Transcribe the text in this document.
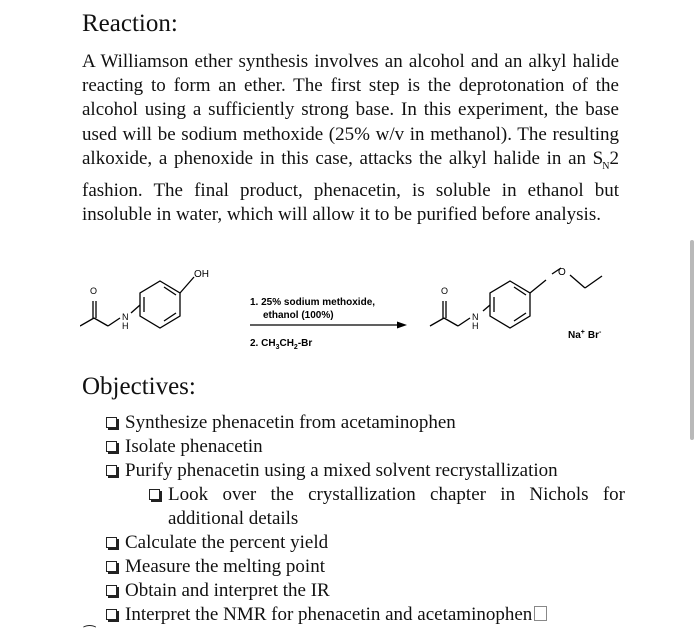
Reaction:
A Williamson ether synthesis involves an alcohol and an alkyl halide reacting to form an ether. The first step is the deprotonation of the alcohol using a sufficiently strong base. In this experiment, the base used will be sodium methoxide (25% w/v in methanol). The resulting alkoxide, a phenoxide in this case, attacks the alkyl halide in an $S_N2$ fashion. The final product, phenacetin, is soluble in ethanol but insoluble in water, which will allow it to be purified before analysis.
O
N
H
OH
1. 25% sodium methoxide,
ethanol (100%)
2. $CH_3CH_2-Br$
O
N
H
O
Na+ Br-
Objectives:
Synthesize phenacetin from acetaminophen
Isolate phenacetin
Purify phenacetin using a mixed solvent recrystallization
Look over the crystallization chapter in Nichols for additional details
Calculate the percent yield
Measure the melting point
Obtain and interpret the IR
Interpret the NMR for phenacetin and acetaminophen
⁀
